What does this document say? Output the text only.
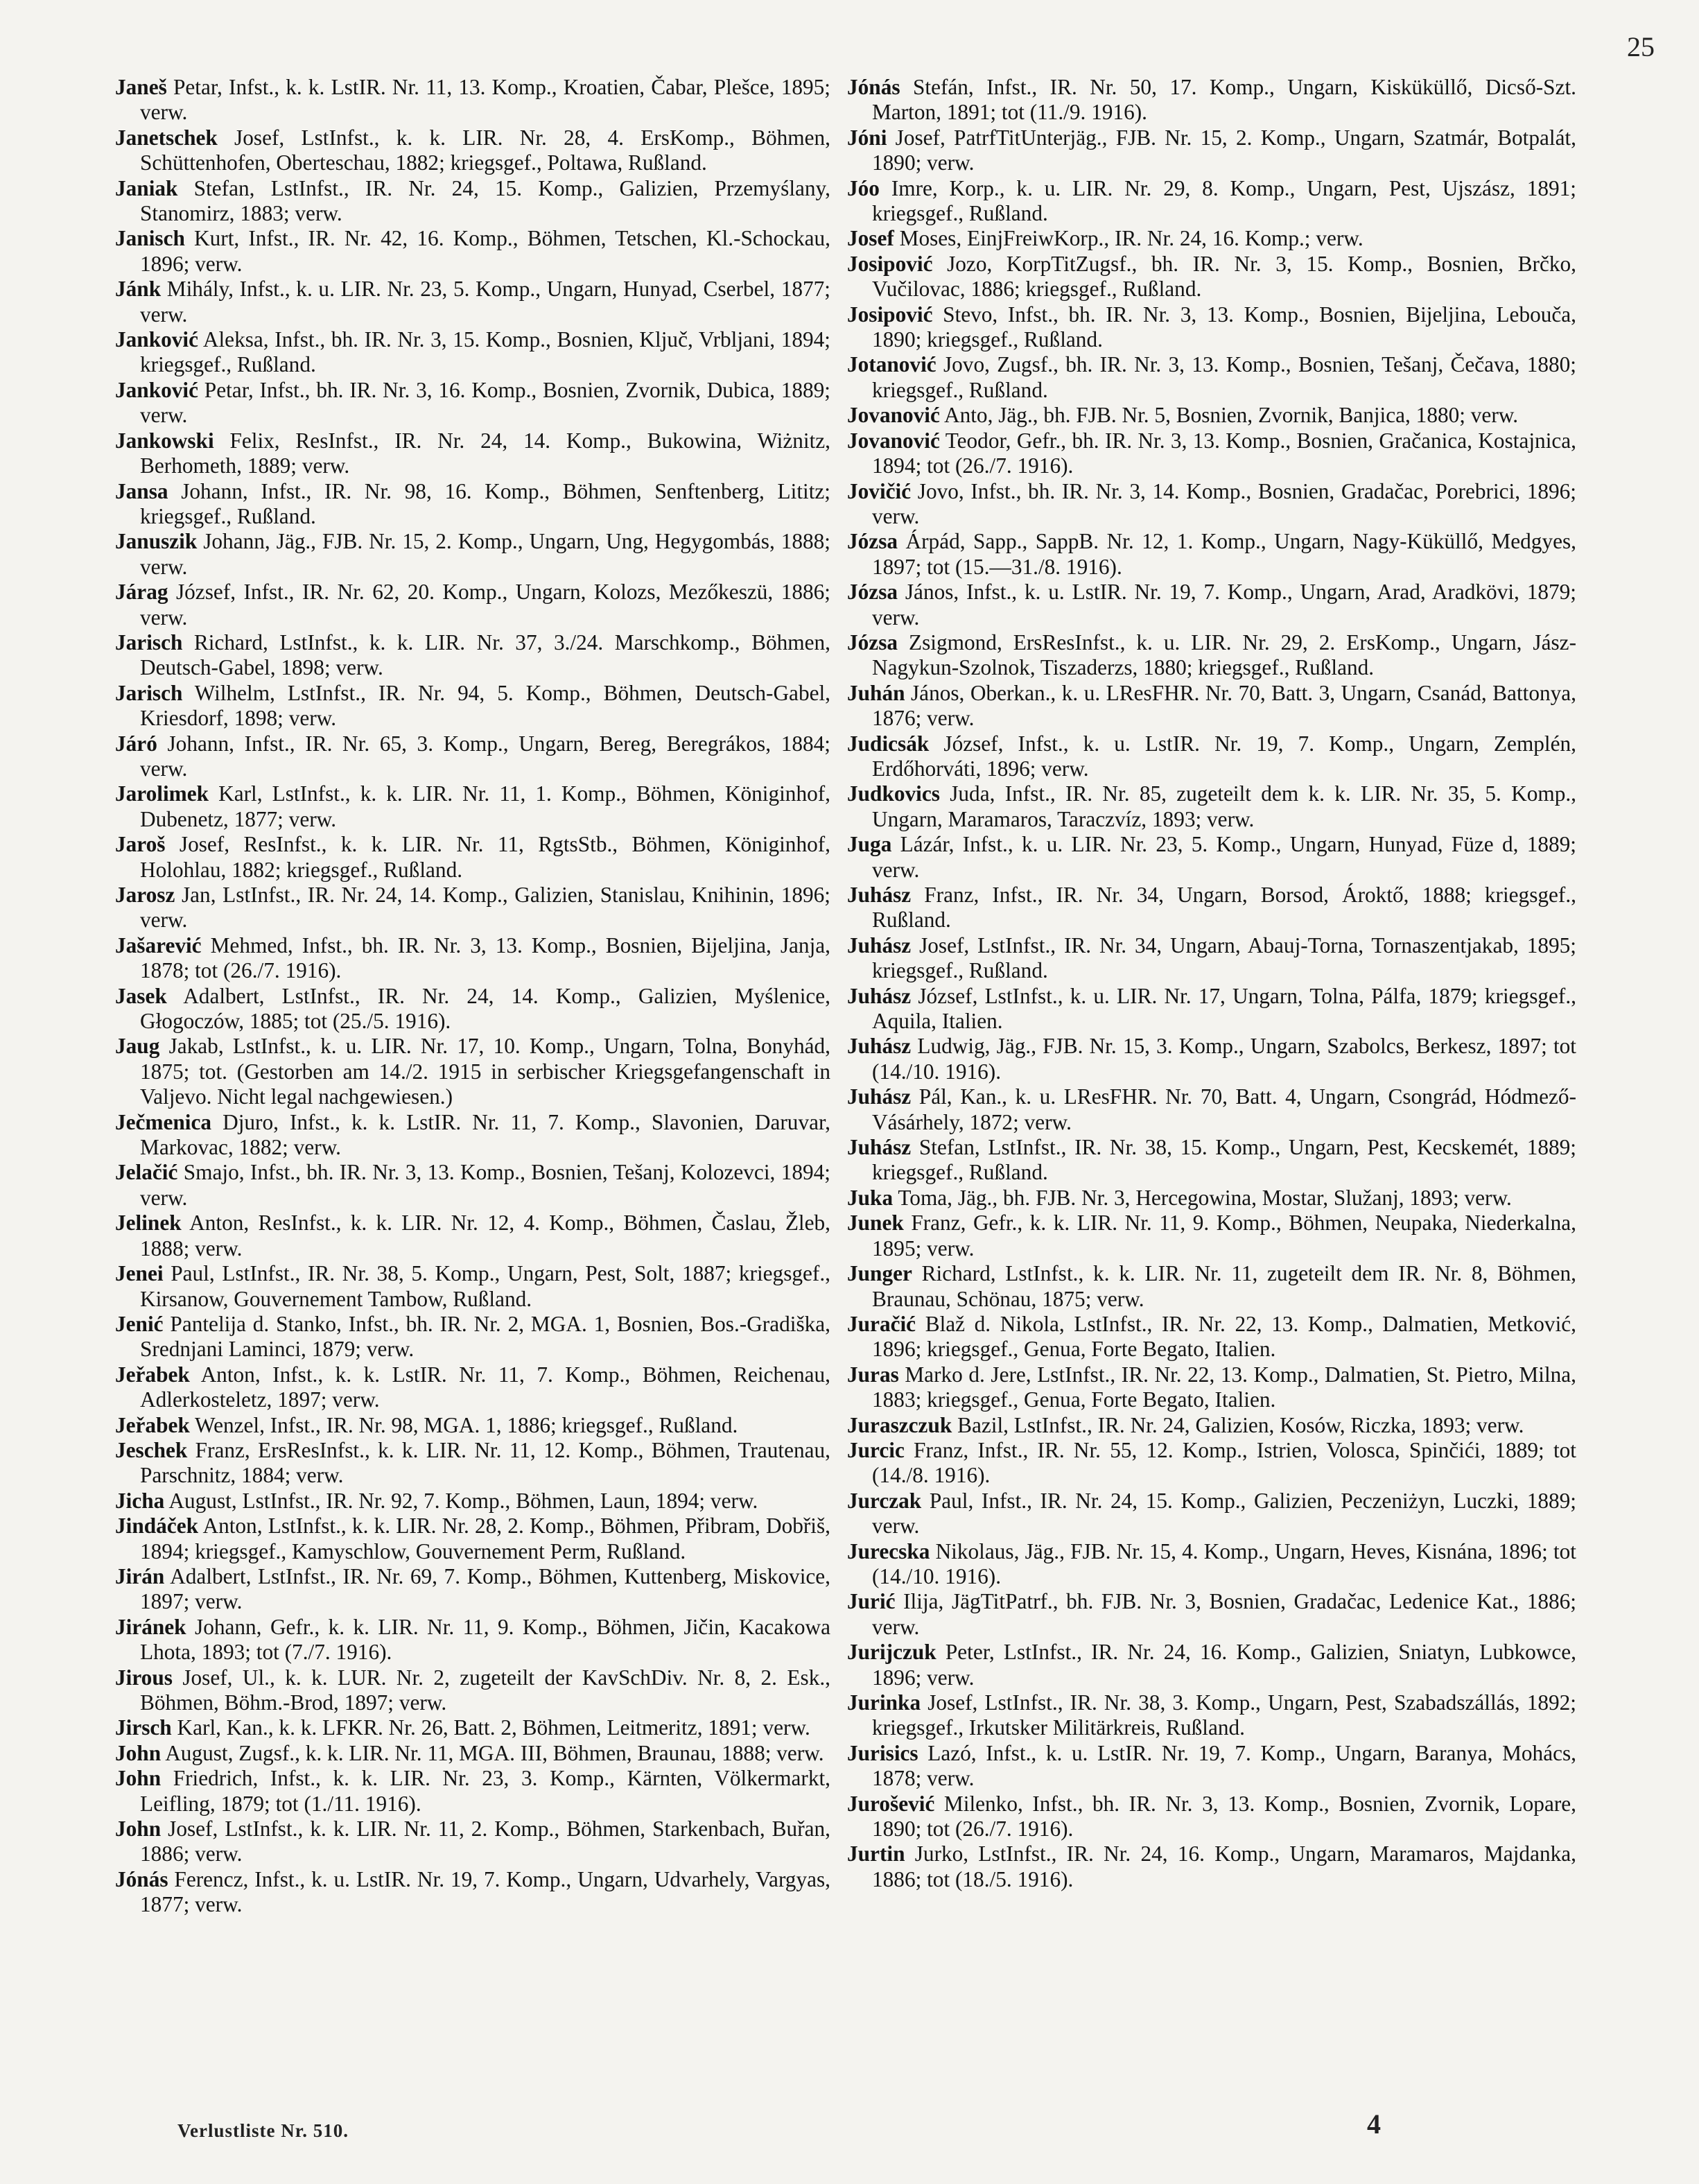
25

Janeš Petar, Infst., k. k. LstIR. Nr. 11, 13. Komp., Kroatien, Čabar, Plešce, 1895; verw.

Janetschek Josef, LstInfst., k. k. LIR. Nr. 28, 4. ErsKomp., Böhmen, Schüttenhofen, Oberteschau, 1882; kriegsgef., Poltawa, Rußland.

Janiak Stefan, LstInfst., IR. Nr. 24, 15. Komp., Galizien, Przemyślany, Stanomirz, 1883; verw.

Janisch Kurt, Infst., IR. Nr. 42, 16. Komp., Böhmen, Tetschen, Kl.-Schockau, 1896; verw.

Jánk Mihály, Infst., k. u. LIR. Nr. 23, 5. Komp., Ungarn, Hunyad, Cserbel, 1877; verw.

Janković Aleksa, Infst., bh. IR. Nr. 3, 15. Komp., Bosnien, Ključ, Vrbljani, 1894; kriegsgef., Rußland.

Janković Petar, Infst., bh. IR. Nr. 3, 16. Komp., Bosnien, Zvornik, Dubica, 1889; verw.

Jankowski Felix, ResInfst., IR. Nr. 24, 14. Komp., Bukowina, Wiżnitz, Berhometh, 1889; verw.

Jansa Johann, Infst., IR. Nr. 98, 16. Komp., Böhmen, Senftenberg, Lititz; kriegsgef., Rußland.

Januszik Johann, Jäg., FJB. Nr. 15, 2. Komp., Ungarn, Ung, Hegygombás, 1888; verw.

Járag József, Infst., IR. Nr. 62, 20. Komp., Ungarn, Kolozs, Mezőkeszü, 1886; verw.

Jarisch Richard, LstInfst., k. k. LIR. Nr. 37, 3./24. Marschkomp., Böhmen, Deutsch-Gabel, 1898; verw.

Jarisch Wilhelm, LstInfst., IR. Nr. 94, 5. Komp., Böhmen, Deutsch-Gabel, Kriesdorf, 1898; verw.

Járó Johann, Infst., IR. Nr. 65, 3. Komp., Ungarn, Bereg, Beregrákos, 1884; verw.

Jarolimek Karl, LstInfst., k. k. LIR. Nr. 11, 1. Komp., Böhmen, Königinhof, Dubenetz, 1877; verw.

Jaroš Josef, ResInfst., k. k. LIR. Nr. 11, RgtsStb., Böhmen, Königinhof, Holohlau, 1882; kriegsgef., Rußland.

Jarosz Jan, LstInfst., IR. Nr. 24, 14. Komp., Galizien, Stanislau, Knihinin, 1896; verw.

Jašarević Mehmed, Infst., bh. IR. Nr. 3, 13. Komp., Bosnien, Bijeljina, Janja, 1878; tot (26./7. 1916).

Jasek Adalbert, LstInfst., IR. Nr. 24, 14. Komp., Galizien, Myślenice, Głogoczów, 1885; tot (25./5. 1916).

Jaug Jakab, LstInfst., k. u. LIR. Nr. 17, 10. Komp., Ungarn, Tolna, Bonyhád, 1875; tot. (Gestorben am 14./2. 1915 in serbischer Kriegsgefangenschaft in Valjevo. Nicht legal nachgewiesen.)

Ječmenica Djuro, Infst., k. k. LstIR. Nr. 11, 7. Komp., Slavonien, Daruvar, Markovac, 1882; verw.

Jelačić Smajo, Infst., bh. IR. Nr. 3, 13. Komp., Bosnien, Tešanj, Kolozevci, 1894; verw.

Jelinek Anton, ResInfst., k. k. LIR. Nr. 12, 4. Komp., Böhmen, Časlau, Žleb, 1888; verw.

Jenei Paul, LstInfst., IR. Nr. 38, 5. Komp., Ungarn, Pest, Solt, 1887; kriegsgef., Kirsanow, Gouvernement Tambow, Rußland.

Jenić Pantelija d. Stanko, Infst., bh. IR. Nr. 2, MGA. 1, Bosnien, Bos.-Gradiška, Srednjani Laminci, 1879; verw.

Jeřabek Anton, Infst., k. k. LstIR. Nr. 11, 7. Komp., Böhmen, Reichenau, Adlerkosteletz, 1897; verw.

Jeřabek Wenzel, Infst., IR. Nr. 98, MGA. 1, 1886; kriegsgef., Rußland.

Jeschek Franz, ErsResInfst., k. k. LIR. Nr. 11, 12. Komp., Böhmen, Trautenau, Parschnitz, 1884; verw.

Jicha August, LstInfst., IR. Nr. 92, 7. Komp., Böhmen, Laun, 1894; verw.

Jindáček Anton, LstInfst., k. k. LIR. Nr. 28, 2. Komp., Böhmen, Přibram, Dobřiš, 1894; kriegsgef., Kamyschlow, Gouvernement Perm, Rußland.

Jirán Adalbert, LstInfst., IR. Nr. 69, 7. Komp., Böhmen, Kuttenberg, Miskovice, 1897; verw.

Jiránek Johann, Gefr., k. k. LIR. Nr. 11, 9. Komp., Böhmen, Jičin, Kacakowa Lhota, 1893; tot (7./7. 1916).

Jirous Josef, Ul., k. k. LUR. Nr. 2, zugeteilt der KavSchDiv. Nr. 8, 2. Esk., Böhmen, Böhm.-Brod, 1897; verw.

Jirsch Karl, Kan., k. k. LFKR. Nr. 26, Batt. 2, Böhmen, Leitmeritz, 1891; verw.

John August, Zugsf., k. k. LIR. Nr. 11, MGA. III, Böhmen, Braunau, 1888; verw.

John Friedrich, Infst., k. k. LIR. Nr. 23, 3. Komp., Kärnten, Völkermarkt, Leifling, 1879; tot (1./11. 1916).

John Josef, LstInfst., k. k. LIR. Nr. 11, 2. Komp., Böhmen, Starkenbach, Buřan, 1886; verw.

Jónás Ferencz, Infst., k. u. LstIR. Nr. 19, 7. Komp., Ungarn, Udvarhely, Vargyas, 1877; verw.

Jónás Stefán, Infst., IR. Nr. 50, 17. Komp., Ungarn, Kisküküllő, Dicső-Szt. Marton, 1891; tot (11./9. 1916).

Jóni Josef, PatrfTitUnterjäg., FJB. Nr. 15, 2. Komp., Ungarn, Szatmár, Botpalát, 1890; verw.

Jóo Imre, Korp., k. u. LIR. Nr. 29, 8. Komp., Ungarn, Pest, Ujszász, 1891; kriegsgef., Rußland.

Josef Moses, EinjFreiwKorp., IR. Nr. 24, 16. Komp.; verw.

Josipović Jozo, KorpTitZugsf., bh. IR. Nr. 3, 15. Komp., Bosnien, Brčko, Vučilovac, 1886; kriegsgef., Rußland.

Josipović Stevo, Infst., bh. IR. Nr. 3, 13. Komp., Bosnien, Bijeljina, Lebouča, 1890; kriegsgef., Rußland.

Jotanović Jovo, Zugsf., bh. IR. Nr. 3, 13. Komp., Bosnien, Tešanj, Čečava, 1880; kriegsgef., Rußland.

Jovanović Anto, Jäg., bh. FJB. Nr. 5, Bosnien, Zvornik, Banjica, 1880; verw.

Jovanović Teodor, Gefr., bh. IR. Nr. 3, 13. Komp., Bosnien, Gračanica, Kostajnica, 1894; tot (26./7. 1916).

Jovičić Jovo, Infst., bh. IR. Nr. 3, 14. Komp., Bosnien, Gradačac, Porebrici, 1896; verw.

Józsa Árpád, Sapp., SappB. Nr. 12, 1. Komp., Ungarn, Nagy-Küküllő, Medgyes, 1897; tot (15.—31./8. 1916).

Józsa János, Infst., k. u. LstIR. Nr. 19, 7. Komp., Ungarn, Arad, Aradkövi, 1879; verw.

Józsa Zsigmond, ErsResInfst., k. u. LIR. Nr. 29, 2. ErsKomp., Ungarn, Jász-Nagykun-Szolnok, Tiszaderzs, 1880; kriegsgef., Rußland.

Juhán János, Oberkan., k. u. LResFHR. Nr. 70, Batt. 3, Ungarn, Csanád, Battonya, 1876; verw.

Judicsák József, Infst., k. u. LstIR. Nr. 19, 7. Komp., Ungarn, Zemplén, Erdőhorváti, 1896; verw.

Judkovics Juda, Infst., IR. Nr. 85, zugeteilt dem k. k. LIR. Nr. 35, 5. Komp., Ungarn, Maramaros, Taraczvíz, 1893; verw.

Juga Lázár, Infst., k. u. LIR. Nr. 23, 5. Komp., Ungarn, Hunyad, Füze d, 1889; verw.

Juhász Franz, Infst., IR. Nr. 34, Ungarn, Borsod, Ároktő, 1888; kriegsgef., Rußland.

Juhász Josef, LstInfst., IR. Nr. 34, Ungarn, Abauj-Torna, Tornaszentjakab, 1895; kriegsgef., Rußland.

Juhász József, LstInfst., k. u. LIR. Nr. 17, Ungarn, Tolna, Pálfa, 1879; kriegsgef., Aquila, Italien.

Juhász Ludwig, Jäg., FJB. Nr. 15, 3. Komp., Ungarn, Szabolcs, Berkesz, 1897; tot (14./10. 1916).

Juhász Pál, Kan., k. u. LResFHR. Nr. 70, Batt. 4, Ungarn, Csongrád, Hódmező-Vásárhely, 1872; verw.

Juhász Stefan, LstInfst., IR. Nr. 38, 15. Komp., Ungarn, Pest, Kecskemét, 1889; kriegsgef., Rußland.

Juka Toma, Jäg., bh. FJB. Nr. 3, Hercegowina, Mostar, Služanj, 1893; verw.

Junek Franz, Gefr., k. k. LIR. Nr. 11, 9. Komp., Böhmen, Neupaka, Niederkalna, 1895; verw.

Junger Richard, LstInfst., k. k. LIR. Nr. 11, zugeteilt dem IR. Nr. 8, Böhmen, Braunau, Schönau, 1875; verw.

Juračić Blaž d. Nikola, LstInfst., IR. Nr. 22, 13. Komp., Dalmatien, Metković, 1896; kriegsgef., Genua, Forte Begato, Italien.

Juras Marko d. Jere, LstInfst., IR. Nr. 22, 13. Komp., Dalmatien, St. Pietro, Milna, 1883; kriegsgef., Genua, Forte Begato, Italien.

Juraszczuk Bazil, LstInfst., IR. Nr. 24, Galizien, Kosów, Riczka, 1893; verw.

Jurcic Franz, Infst., IR. Nr. 55, 12. Komp., Istrien, Volosca, Spinčići, 1889; tot (14./8. 1916).

Jurczak Paul, Infst., IR. Nr. 24, 15. Komp., Galizien, Peczeniżyn, Luczki, 1889; verw.

Jurecska Nikolaus, Jäg., FJB. Nr. 15, 4. Komp., Ungarn, Heves, Kisnána, 1896; tot (14./10. 1916).

Jurić Ilija, JägTitPatrf., bh. FJB. Nr. 3, Bosnien, Gradačac, Ledenice Kat., 1886; verw.

Jurijczuk Peter, LstInfst., IR. Nr. 24, 16. Komp., Galizien, Sniatyn, Lubkowce, 1896; verw.

Jurinka Josef, LstInfst., IR. Nr. 38, 3. Komp., Ungarn, Pest, Szabadszállás, 1892; kriegsgef., Irkutsker Militärkreis, Rußland.

Jurisics Lazó, Infst., k. u. LstIR. Nr. 19, 7. Komp., Ungarn, Baranya, Mohács, 1878; verw.

Jurošević Milenko, Infst., bh. IR. Nr. 3, 13. Komp., Bosnien, Zvornik, Lopare, 1890; tot (26./7. 1916).

Jurtin Jurko, LstInfst., IR. Nr. 24, 16. Komp., Ungarn, Maramaros, Majdanka, 1886; tot (18./5. 1916).

Verlustliste Nr. 510.	4
